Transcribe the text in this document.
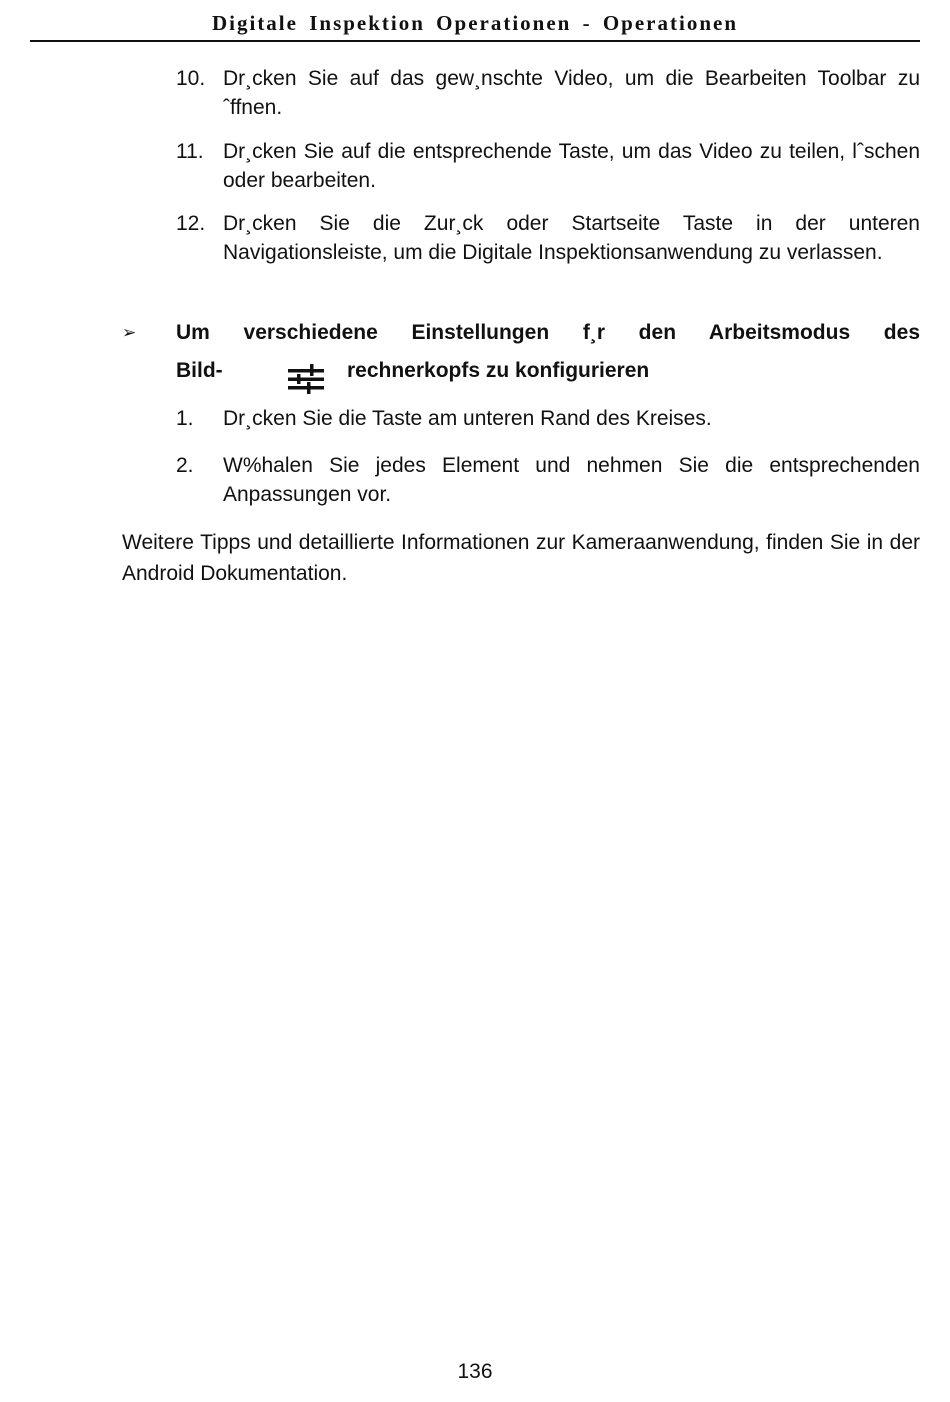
Digitale Inspektion Operationen - Operationen
10. Dr¸cken Sie auf das gew¸nschte Video, um die Bearbeiten Toolbar zu ˆffnen.
11. Dr¸cken Sie auf die entsprechende Taste, um das Video zu teilen, lˆschen oder bearbeiten.
12. Dr¸cken Sie die Zur¸ck oder Startseite Taste in der unteren Navigationsleiste, um die Digitale Inspektionsanwendung zu verlassen.
➢ Um verschiedene Einstellungen f¸r den Arbeitsmodus des
Bild-	rechnerkopfs zu konfigurieren
1.	Dr¸cken Sie die Taste am unteren Rand des Kreises.
2.	W%halen Sie jedes Element und nehmen Sie die entsprechenden Anpassungen vor.
Weitere Tipps und detaillierte Informationen zur Kameraanwendung, finden Sie in der Android Dokumentation.
136
